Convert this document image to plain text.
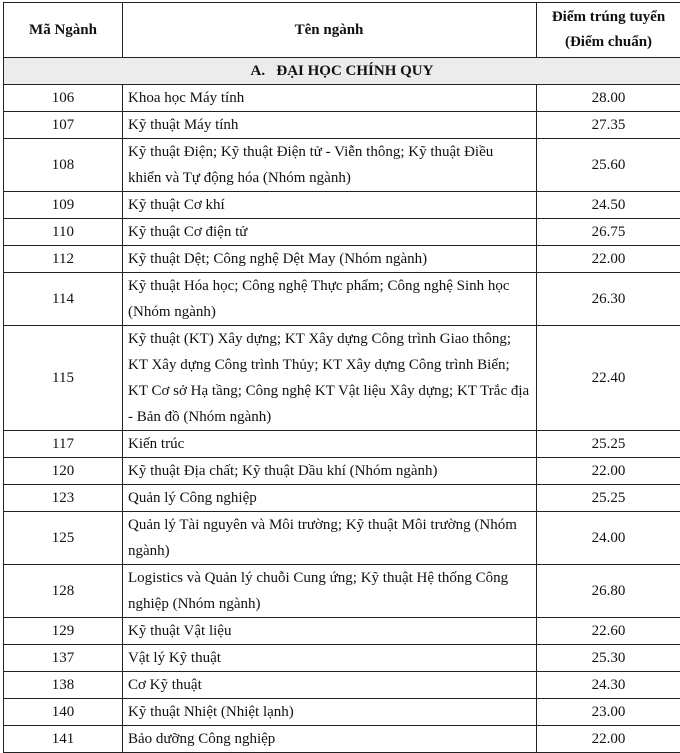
Mã Ngành	Tên ngành	Điểm trúng tuyển
(Điểm chuẩn)

A.   ĐẠI HỌC CHÍNH QUY		
106	Khoa học Máy tính	28.00
107	Kỹ thuật Máy tính	27.35
108	Kỹ thuật Điện; Kỹ thuật Điện tử - Viễn thông; Kỹ thuật Điều khiển và Tự động hóa (Nhóm ngành)	25.60
109	Kỹ thuật Cơ khí	24.50
110	Kỹ thuật Cơ điện tử	26.75
112	Kỹ thuật Dệt; Công nghệ Dệt May (Nhóm ngành)	22.00
114	Kỹ thuật Hóa học; Công nghệ Thực phẩm; Công nghệ Sinh học (Nhóm ngành)	26.30
115	Kỹ thuật (KT) Xây dựng; KT Xây dựng Công trình Giao thông; KT Xây dựng Công trình Thủy; KT Xây dựng Công trình Biển; KT Cơ sở Hạ tầng; Công nghệ KT Vật liệu Xây dựng; KT Trắc địa - Bản đồ (Nhóm ngành)	22.40
117	Kiến trúc	25.25
120	Kỹ thuật Địa chất; Kỹ thuật Dầu khí (Nhóm ngành)	22.00
123	Quản lý Công nghiệp	25.25
125	Quản lý Tài nguyên và Môi trường; Kỹ thuật Môi trường (Nhóm ngành)	24.00
128	Logistics và Quản lý chuỗi Cung ứng; Kỹ thuật Hệ thống Công nghiệp (Nhóm ngành)	26.80
129	Kỹ thuật Vật liệu	22.60
137	Vật lý Kỹ thuật	25.30
138	Cơ Kỹ thuật	24.30
140	Kỹ thuật Nhiệt (Nhiệt lạnh)	23.00
141	Bảo dưỡng Công nghiệp	22.00
